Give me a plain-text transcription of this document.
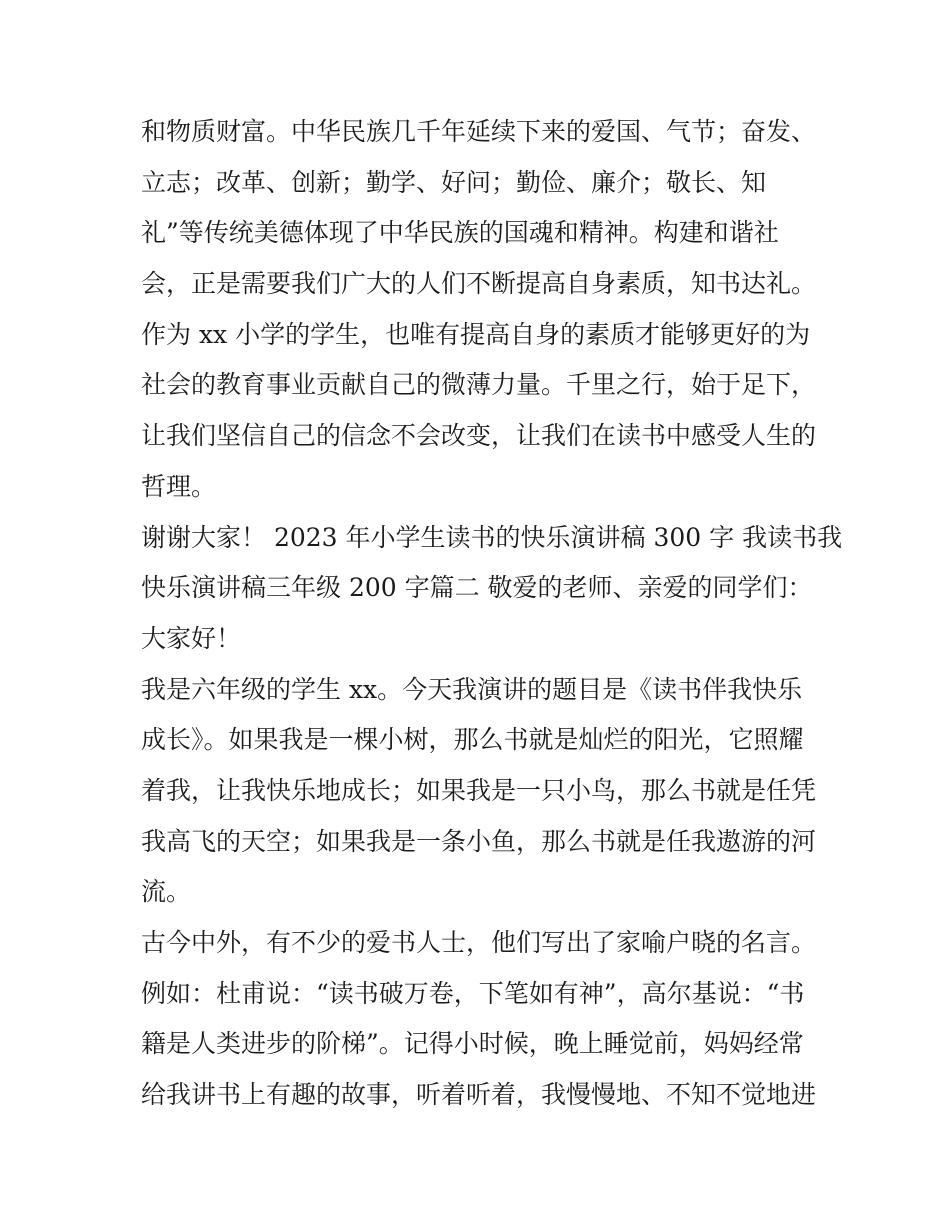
和物质财富。中华民族几千年延续下来的爱国、气节；奋发、
立志；改革、创新；勤学、好问；勤俭、廉介；敬长、知
礼”等传统美德体现了中华民族的国魂和精神。构建和谐社
会，正是需要我们广大的人们不断提高自身素质，知书达礼。
作为 xx 小学的学生，也唯有提高自身的素质才能够更好的为
社会的教育事业贡献自己的微薄力量。千里之行，始于足下，
让我们坚信自己的信念不会改变，让我们在读书中感受人生的
哲理。
谢谢大家！ 2023 年小学生读书的快乐演讲稿 300 字 我读书我
快乐演讲稿三年级 200 字篇二 敬爱的老师、亲爱的同学们：
大家好！
我是六年级的学生 xx。今天我演讲的题目是《读书伴我快乐
成长》。如果我是一棵小树，那么书就是灿烂的阳光，它照耀
着我，让我快乐地成长；如果我是一只小鸟，那么书就是任凭
我高飞的天空；如果我是一条小鱼，那么书就是任我遨游的河
流。
古今中外，有不少的爱书人士，他们写出了家喻户晓的名言。
例如：杜甫说：“读书破万卷，下笔如有神”，高尔基说：“书
籍是人类进步的阶梯”。记得小时候，晚上睡觉前，妈妈经常
给我讲书上有趣的故事，听着听着，我慢慢地、不知不觉地进
